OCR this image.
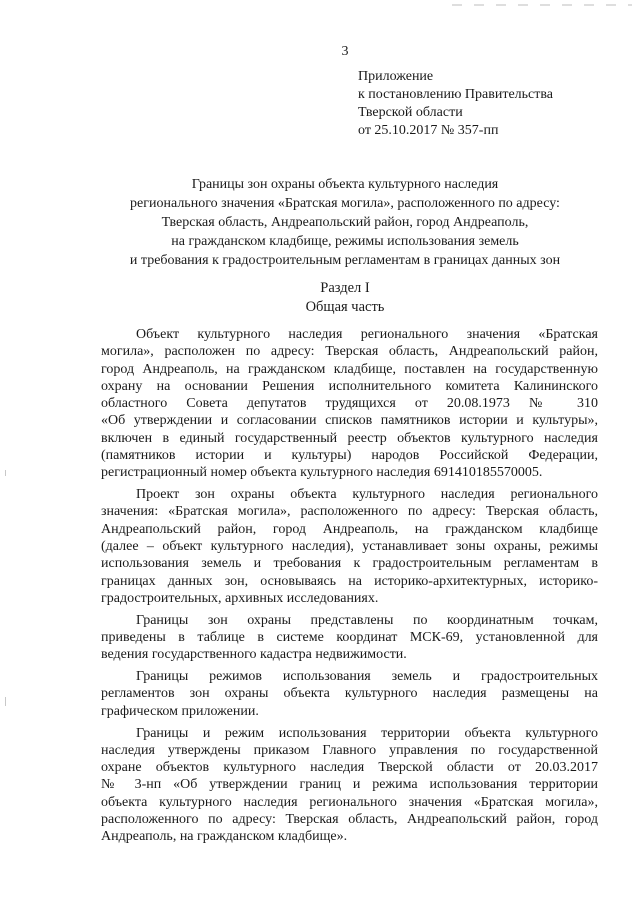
3
Приложение
к постановлению Правительства
Тверской области
от 25.10.2017 № 357-пп
Границы зон охраны объекта культурного наследия
регионального значения «Братская могила», расположенного по адресу:
Тверская область, Андреапольский район, город Андреаполь,
на гражданском кладбище, режимы использования земель
и требования к градостроительным регламентам в границах данных зон
Раздел I
Общая часть
Объект культурного наследия регионального значения «Братская
могила», расположен по адресу: Тверская область, Андреапольский район,
город Андреаполь, на гражданском кладбище, поставлен на государственную
охрану на основании Решения исполнительного комитета Калининского
областного Совета депутатов трудящихся от 20.08.1973 № 310
«Об утверждении и согласовании списков памятников истории и культуры»,
включен в единый государственный реестр объектов культурного наследия
(памятников истории и культуры) народов Российской Федерации,
регистрационный номер объекта культурного наследия 691410185570005.
Проект зон охраны объекта культурного наследия регионального
значения: «Братская могила», расположенного по адресу: Тверская область,
Андреапольский район, город Андреаполь, на гражданском кладбище
(далее – объект культурного наследия), устанавливает зоны охраны, режимы
использования земель и требования к градостроительным регламентам в
границах данных зон, основываясь на историко-архитектурных, историко-
градостроительных, архивных исследованиях.
Границы зон охраны представлены по координатным точкам,
приведены в таблице в системе координат МСК-69, установленной для
ведения государственного кадастра недвижимости.
Границы режимов использования земель и градостроительных
регламентов зон охраны объекта культурного наследия размещены на
графическом приложении.
Границы и режим использования территории объекта культурного
наследия утверждены приказом Главного управления по государственной
охране объектов культурного наследия Тверской области от 20.03.2017
№ 3-нп «Об утверждении границ и режима использования территории
объекта культурного наследия регионального значения «Братская могила»,
расположенного по адресу: Тверская область, Андреапольский район, город
Андреаполь, на гражданском кладбище».
